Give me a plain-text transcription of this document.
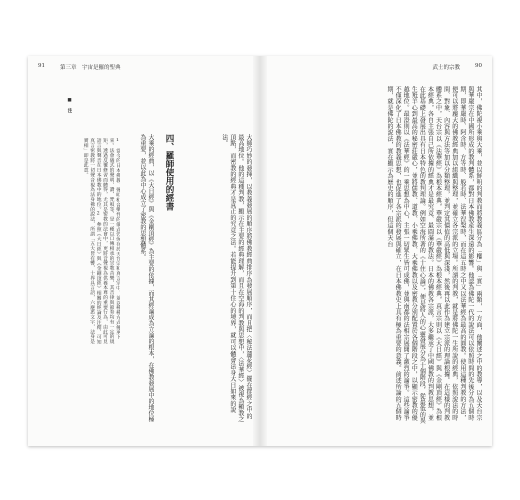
91	第三章　宇宙是羅的聖典
■ 注
1 當今的日本佛教，聲明和音樂性的儀式仍保存於天台宗和真言宗中，並以種種方式傳承下來。法會儀式的聲明、讚、梵唄等，是一種以口傳相承的宗教音樂，其音律與節奏均有一定的規矩，透過反覆修習而體得，尤其是密教的法會中，更將音聲視為供養本尊的重要行為，由此可見語言與聲音在日本佛教中的地位。2 參照《大日經》與《金剛頂經》相關的經論及注釋，可知真言密教將一切聲音視為法身佛的說法，所謂「五大皆有響，十界具言語，六塵悉文字，法身是實相」即是此意。	大乘的經典，以《大日經》與《金剛頂經》為主要的依據，而其經論成為立論的根本，在佛教發展中的地位極為重要，並以此為中心成立了密教的思想體系。	四、羅師使用的經書	大師巧妙的發揮，以教義發展的順序將佛教經典排序為發展順序，而且把〈秘法蓮花經〉擺在群經之中的最高地位。他的這種判教，顯示在主要的經典理解，而且在空海的判教與思想中，〈法華經〉被視為顯教之頂點，而密教的經典才是真正的究竟之法。若能提升到第十住心的境界，就可以體會法身大日如來的說法。
武士的宗教	90
其中，佛陀視小乘與大乘，並以鮮明的判教而將教義區分為「權」與「實」兩類，一方面，他闡述之中的教導，以及天台宗與華嚴宗在中國所形成的教判體系，都對日本佛教產生深遠的影響。他認為佛陀一代的說法可以依照時間的先後分為五個時期，即華嚴時、阿含時、方等時、般若時、法華涅槃時，而在這五時之中又以法華經為最高的圓教。使用這種判教的方法，便可以將龐大的佛教經典加以組織與整理，並確立各宗派的立場。所謂的判教，就是將佛陀一生所說的經典，依照說法的時間、對象、內容與方法等加以分類整理，並判定其價值的高低與深淺，然後再以此作為建立宗派的理論根據。在這樣的判教體系之中，天台宗以《法華經》為根本經典，華嚴宗以《華嚴經》為根本經典，真言宗則以《大日經》與《金剛頂經》為根本經典，各自主張自己所依據的經典才是最究竟、最圓滿的教法。日本的佛教各宗派，大多繼承了中國佛教的判教思想，並在此基礎上發展出具有日本特色的教判理論。例如空海所著的《十住心論》，便是將人的心靈發展分為十個階段，從最低的異生羝羊心到最高的秘密莊嚴心，並將儒教、道教、小乘佛教、大乘佛教以及密教分別配置於各個階段之中，以顯示密教的優越地位。最澄則以《法華經》的一乘思想為中心，主張一切眾生皆可成佛，並與南都的法相宗展開了激烈的論爭。這些論爭不僅深化了日本佛教的教義思想，也促進了各宗派的發展與確立，在日本佛教史上具有極為重要的意義。前述所論的五個時期，就是佛陀的說法，實在顯示為歷史的順序，但這個天台
